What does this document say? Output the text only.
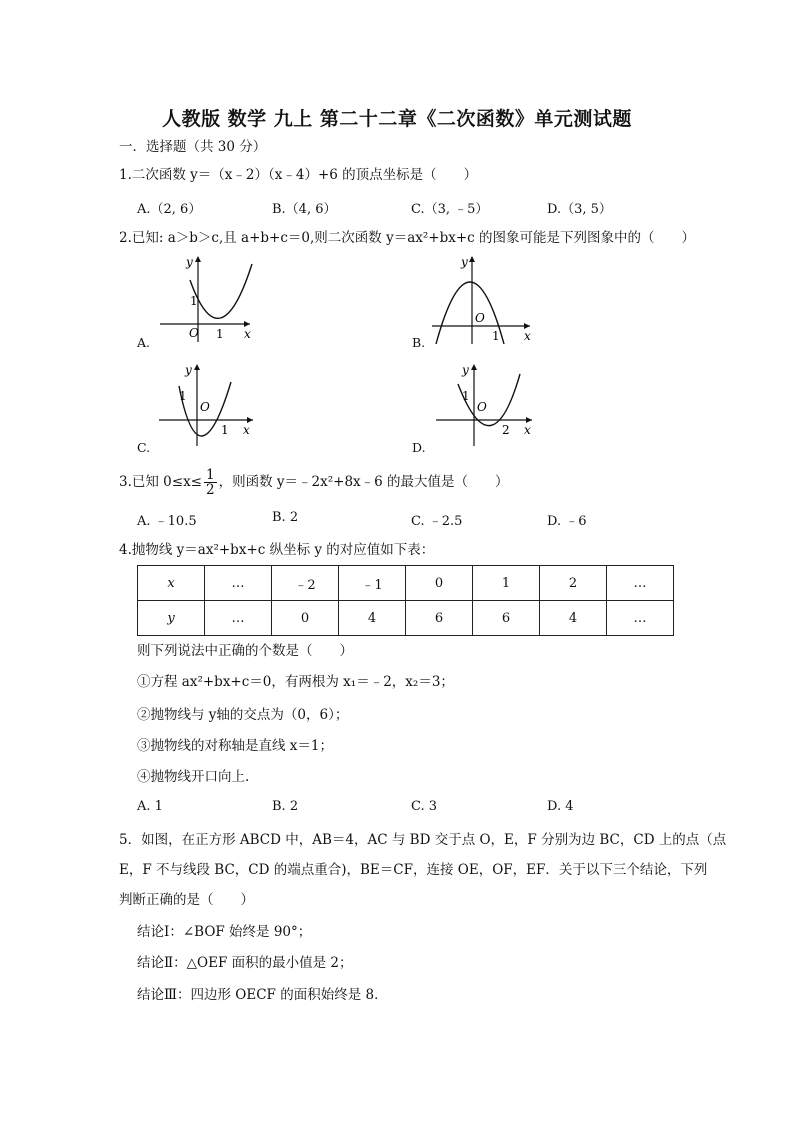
人教版 数学 九上 第二十二章《二次函数》单元测试题
一．选择题（共 30 分）
1.二次函数 y＝（x﹣2）（x﹣4）+6 的顶点坐标是（　　）
A.（2, 6）	B.（4, 6）	C.（3, ﹣5）	D.（3, 5）
2.已知: a＞b＞c,且 a+b+c＝0,则二次函数 y＝ax²+bx+c 的图象可能是下列图象中的（　　）
y
x
O
1
1
A.
y
x
O
1
B.
y
x
O
1
1
C.
y
x
O
1
2
D.
3.已知 $0\le x\le \frac{1}{2}$ ，则函数 y＝﹣2x²+8x﹣6 的最大值是（　　）
A. ﹣10.5	B. 2	C. ﹣2.5	D. ﹣6
4.抛物线 y＝ax²+bx+c 纵坐标 y 的对应值如下表：
x	…	﹣2	﹣1	0	1	2	…
y	…	0	4	6	6	4	…
则下列说法中正确的个数是（　　）
①方程 ax²+bx+c＝0，有两根为 x₁＝﹣2，x₂＝3；
②抛物线与 y轴的交点为（0，6）；
③抛物线的对称轴是直线 x＝1；
④抛物线开口向上.
A. 1	B. 2	C. 3	D. 4
5．如图，在正方形 ABCD 中，AB＝4，AC 与 BD 交于点 O，E，F 分别为边 BC，CD 上的点（点
E，F 不与线段 BC，CD 的端点重合)，BE＝CF，连接 OE，OF，EF．关于以下三个结论，下列
判断正确的是（　　）
结论Ⅰ：∠BOF 始终是 90°；
结论Ⅱ：△OEF 面积的最小值是 2；
结论Ⅲ：四边形 OECF 的面积始终是 8．
